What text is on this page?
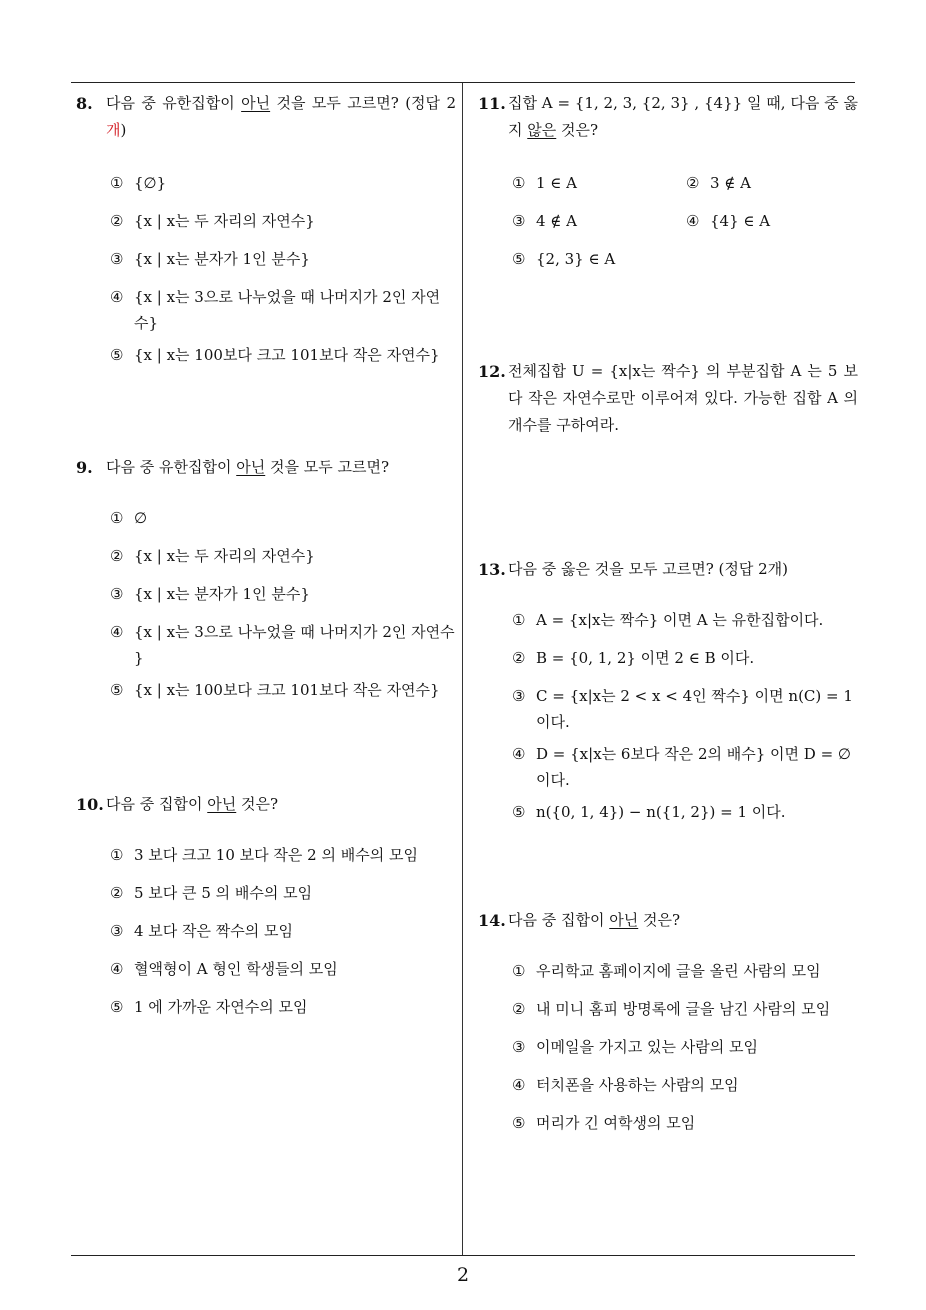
8. 다음 중 유한집합이 아닌 것을 모두 고르면? (정답 2개)
① {∅}
② {x | x는 두 자리의 자연수}
③ {x | x는 분자가 1인 분수}
④ {x | x는 3으로 나누었을 때 나머지가 2인 자연수}
⑤ {x | x는 100보다 크고 101보다 작은 자연수}
9. 다음 중 유한집합이 아닌 것을 모두 고르면?
① ∅
② {x | x는 두 자리의 자연수}
③ {x | x는 분자가 1인 분수}
④ {x | x는 3으로 나누었을 때 나머지가 2인 자연수 }
⑤ {x | x는 100보다 크고 101보다 작은 자연수}
10. 다음 중 집합이 아닌 것은?
① 3 보다 크고 10 보다 작은 2 의 배수의 모임
② 5 보다 큰 5 의 배수의 모임
③ 4 보다 작은 짝수의 모임
④ 혈액형이 A 형인 학생들의 모임
⑤ 1 에 가까운 자연수의 모임
11. 집합 A = {1, 2, 3, {2, 3} , {4}} 일 때, 다음 중 옳지 않은 것은?
① 1 ∈ A	② 3 ∉ A
③ 4 ∉ A	④ {4} ∈ A
⑤ {2, 3} ∈ A
12. 전체집합 U = {x|x는 짝수} 의 부분집합 A 는 5 보다 작은 자연수로만 이루어져 있다. 가능한 집합 A 의 개수를 구하여라.
13. 다음 중 옳은 것을 모두 고르면? (정답 2개)
① A = {x|x는 짝수} 이면 A 는 유한집합이다.
② B = {0, 1, 2} 이면 2 ∈ B 이다.
③ C = {x|x는 2 < x < 4인 짝수} 이면 n(C) = 1 이다.
④ D = {x|x는 6보다 작은 2의 배수} 이면 D = ∅ 이다.
⑤ n({0, 1, 4}) − n({1, 2}) = 1 이다.
14. 다음 중 집합이 아닌 것은?
① 우리학교 홈페이지에 글을 올린 사람의 모임
② 내 미니 홈피 방명록에 글을 남긴 사람의 모임
③ 이메일을 가지고 있는 사람의 모임
④ 터치폰을 사용하는 사람의 모임
⑤ 머리가 긴 여학생의 모임
2
